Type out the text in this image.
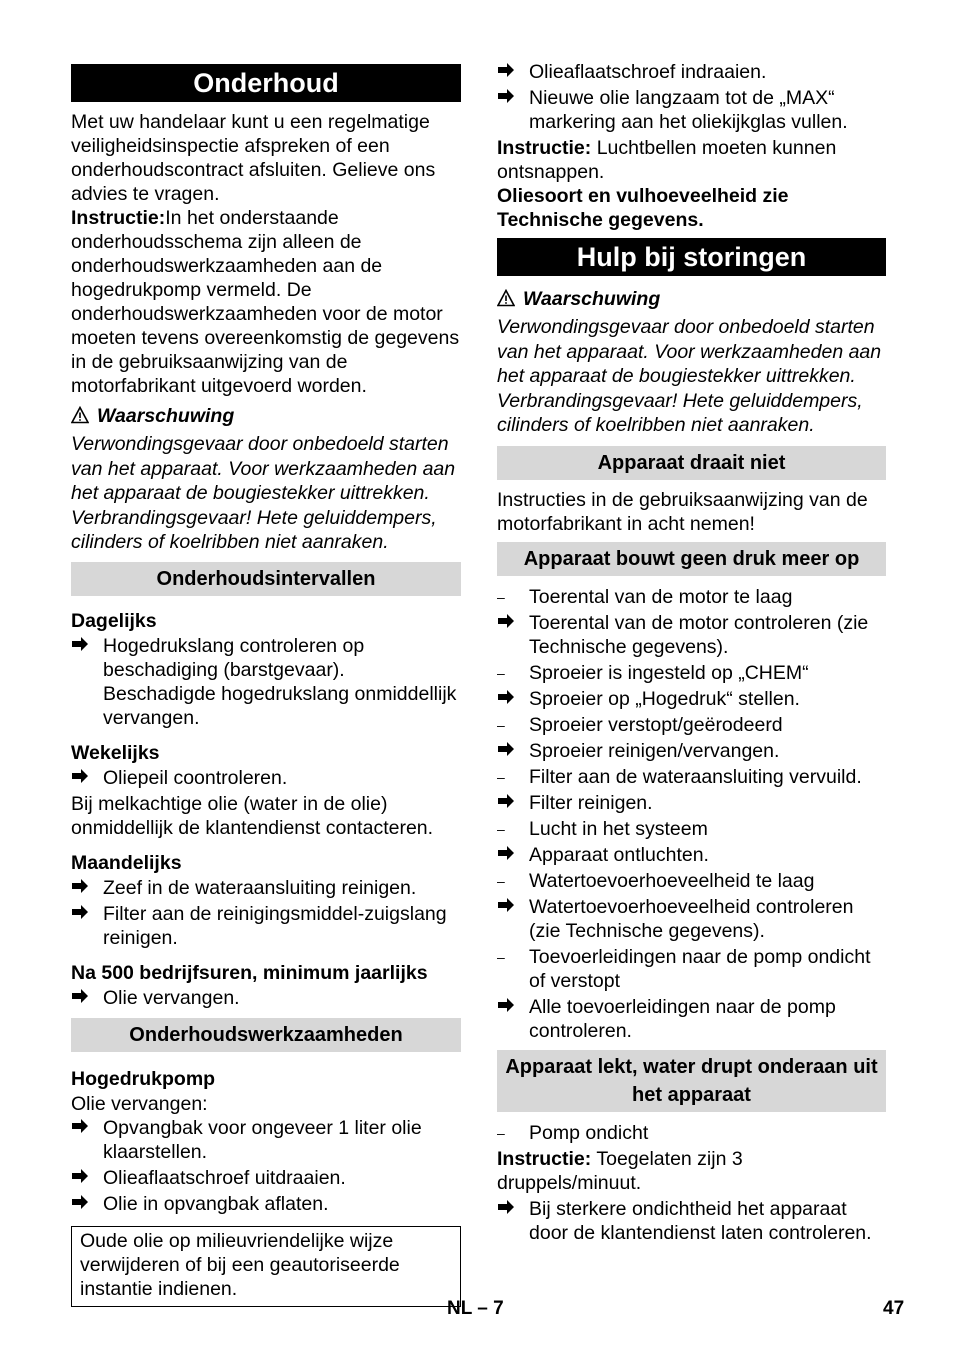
Onderhoud

Met uw handelaar kunt u een regelmatige veiligheidsinspectie afspreken of een onderhoudscontract afsluiten. Gelieve ons advies te vragen.

Instructie:In het onderstaande onderhoudsschema zijn alleen de onderhoudswerkzaamheden aan de hogedrukpomp vermeld. De onderhoudswerkzaamheden voor de motor moeten tevens overeenkomstig de gegevens in de gebruiksaanwijzing van de motorfabrikant uitgevoerd worden.

Waarschuwing

Verwondingsgevaar door onbedoeld starten van het apparaat. Voor werkzaamheden aan het apparaat de bougiestekker uittrekken.

Verbrandingsgevaar! Hete geluiddempers, cilinders of koelribben niet aanraken.

Onderhoudsintervallen
Dagelijks
Hogedrukslang controleren op beschadiging (barstgevaar). Beschadigde hogedrukslang onmiddellijk vervangen.
Wekelijks
Oliepeil coontroleren.

Bij melkachtige olie (water in de olie) onmiddellijk de klantendienst contacteren.

Maandelijks
Zeef in de wateraansluiting reinigen.
Filter aan de reinigingsmiddel-zuigslang reinigen.
Na 500 bedrijfsuren, minimum jaarlijks
Olie vervangen.
Onderhoudswerkzaamheden
Hogedrukpomp

Olie vervangen:

Opvangbak voor ongeveer 1 liter olie klaarstellen.
Olieaflaatschroef uitdraaien.
Olie in opvangbak aflaten.
Oude olie op milieuvriendelijke wijze verwijderen of bij een geautoriseerde instantie indienen.
Olieaflaatschroef indraaien.
Nieuwe olie langzaam tot de „MAX“ markering aan het oliekijkglas vullen.

Instructie: Luchtbellen moeten kunnen ontsnappen.

Oliesoort en vulhoeveelheid zie Technische gegevens.

Hulp bij storingen
Waarschuwing

Verwondingsgevaar door onbedoeld starten van het apparaat. Voor werkzaamheden aan het apparaat de bougiestekker uittrekken.

Verbrandingsgevaar! Hete geluiddempers, cilinders of koelribben niet aanraken.

Apparaat draait niet

Instructies in de gebruiksaanwijzing van de motorfabrikant in acht nemen!

Apparaat bouwt geen druk meer op
–	Toerental van de motor te laag
Toerental van de motor controleren (zie Technische gegevens).
–	Sproeier is ingesteld op „CHEM“
Sproeier op „Hogedruk“ stellen.
–	Sproeier verstopt/geërodeerd
Sproeier reinigen/vervangen.
–	Filter aan de wateraansluiting vervuild.
Filter reinigen.
–	Lucht in het systeem
Apparaat ontluchten.
–	Watertoevoerhoeveelheid te laag
Watertoevoerhoeveelheid controleren (zie Technische gegevens).
–	Toevoerleidingen naar de pomp ondicht of verstopt
Alle toevoerleidingen naar de pomp controleren.
Apparaat lekt, water drupt onderaan uit het apparaat
–	Pomp ondicht

Instructie: Toegelaten zijn 3 druppels/minuut.

Bij sterkere ondichtheid het apparaat door de klantendienst laten controleren.
NL – 7	47
